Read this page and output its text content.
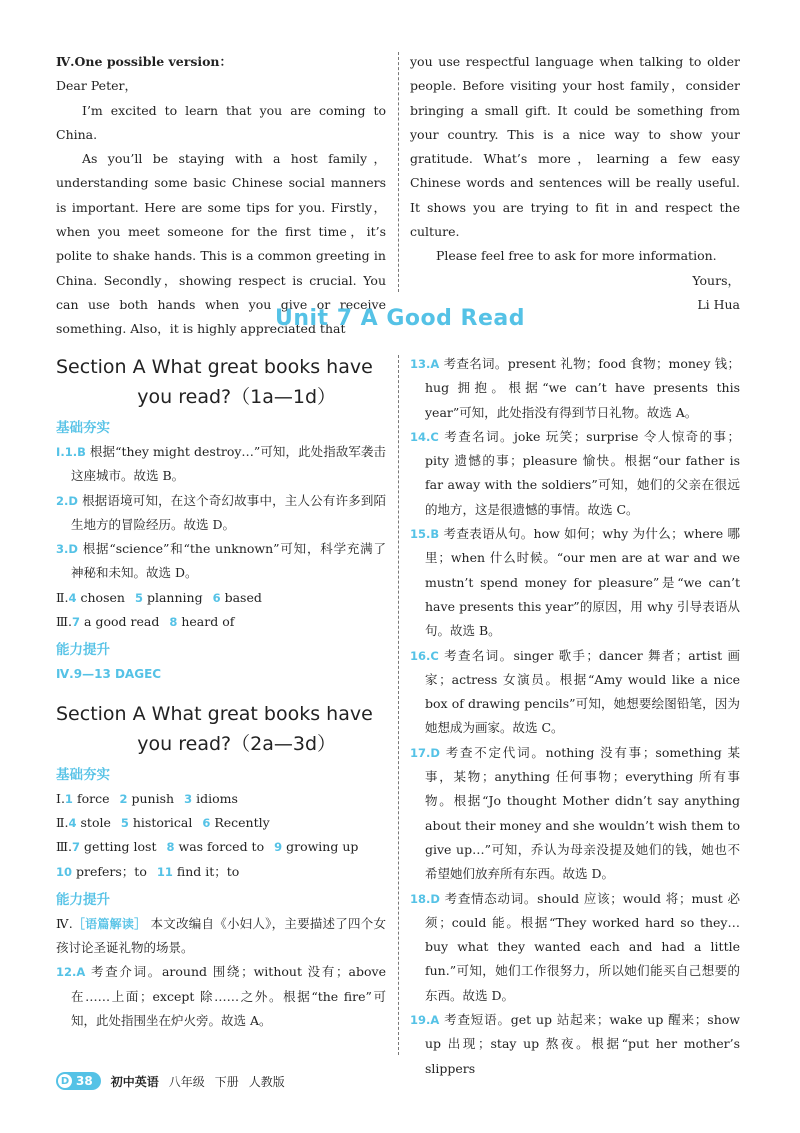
Ⅳ.One possible version：

Dear Peter，

I’m excited to learn that you are coming to China.

As you’ll be staying with a host family，understanding some basic Chinese social manners is important. Here are some tips for you. Firstly，when you meet someone for the first time，it’s polite to shake hands. This is a common greeting in China. Secondly，showing respect is crucial. You can use both hands when you give or receive something. Also，it is highly appreciated that

you use respectful language when talking to older people. Before visiting your host family，consider bringing a small gift. It could be something from your country. This is a nice way to show your gratitude. What’s more，learning a few easy Chinese words and sentences will be really useful. It shows you are trying to fit in and respect the culture.

Please feel free to ask for more information.

Yours，

Li Hua

Unit 7 A Good Read
Section A What great books have
you read?（1a—1d）
基础夯实

Ⅰ.1.B 根据“they might destroy…”可知，此处指敌军袭击这座城市。故选 B。

2.D 根据语境可知，在这个奇幻故事中，主人公有许多到陌生地方的冒险经历。故选 D。

3.D 根据“science”和“the unknown”可知，科学充满了神秘和未知。故选 D。

Ⅱ.4 chosen 5 planning 6 based

Ⅲ.7 a good read 8 heard of

能力提升

Ⅳ.9—13 DAGEC

Section A What great books have
you read?（2a—3d）
基础夯实

Ⅰ.1 force 2 punish 3 idioms

Ⅱ.4 stole 5 historical 6 Recently

Ⅲ.7 getting lost 8 was forced to 9 growing up

10 prefers；to 11 find it；to

能力提升

Ⅳ.［语篇解读］ 本文改编自《小妇人》，主要描述了四个女孩讨论圣诞礼物的场景。

12.A 考查介词。around 围绕；without 没有；above 在……上面；except 除……之外。根据“the fire”可知，此处指围坐在炉火旁。故选 A。

13.A 考查名词。present 礼物；food 食物；money 钱；hug 拥抱。根据“we can’t have presents this year”可知，此处指没有得到节日礼物。故选 A。

14.C 考查名词。joke 玩笑；surprise 令人惊奇的事；pity 遗憾的事；pleasure 愉快。根据“our father is far away with the soldiers”可知，她们的父亲在很远的地方，这是很遗憾的事情。故选 C。

15.B 考查表语从句。how 如何；why 为什么；where 哪里；when 什么时候。“our men are at war and we mustn’t spend money for pleasure”是“we can’t have presents this year”的原因，用 why 引导表语从句。故选 B。

16.C 考查名词。singer 歌手；dancer 舞者；artist 画家；actress 女演员。根据“Amy would like a nice box of drawing pencils”可知，她想要绘图铅笔，因为她想成为画家。故选 C。

17.D 考查不定代词。nothing 没有事；something 某事，某物；anything 任何事物；everything 所有事物。根据“Jo thought Mother didn’t say anything about their money and she wouldn’t wish them to give up…”可知，乔认为母亲没提及她们的钱，她也不希望她们放弃所有东西。故选 D。

18.D 考查情态动词。should 应该；would 将；must 必须；could 能。根据“They worked hard so they…buy what they wanted each and had a little fun.”可知，她们工作很努力，所以她们能买自己想要的东西。故选 D。

19.A 考查短语。get up 站起来；wake up 醒来；show up 出现；stay up 熬夜。根据“put her mother’s slippers

D 38 初中英语 八年级 下册 人教版
